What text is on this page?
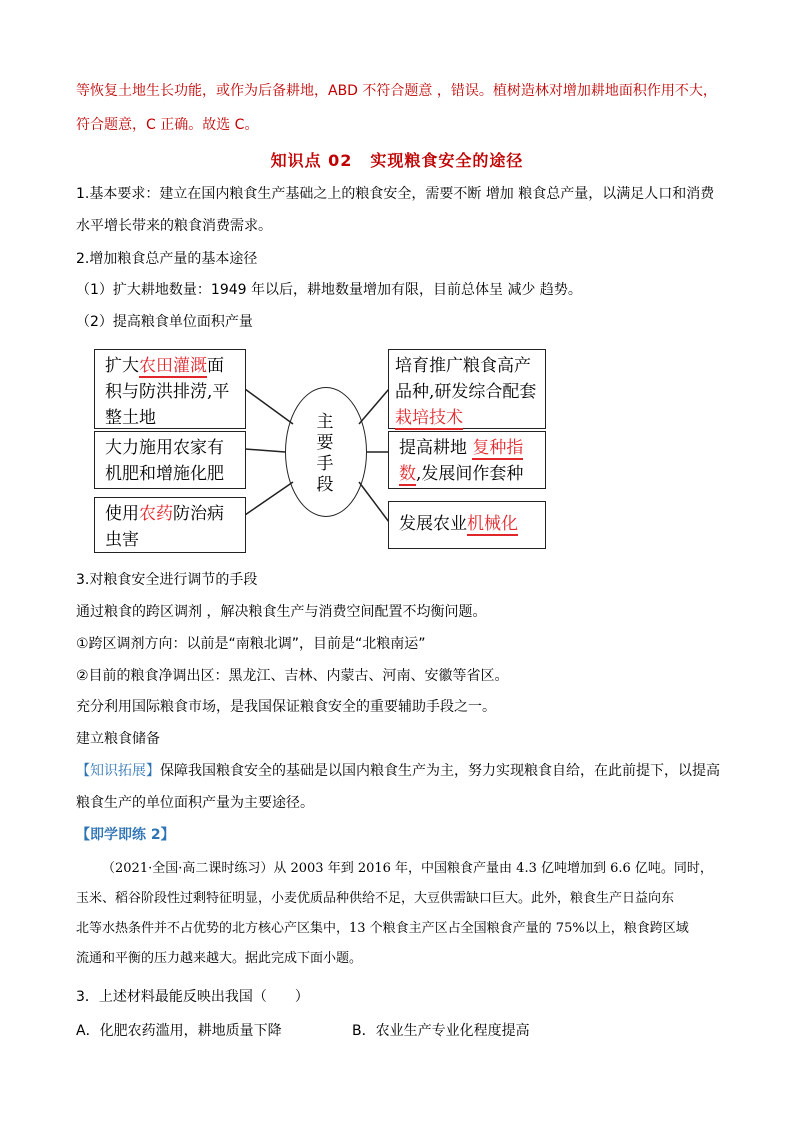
等恢复土地生长功能，或作为后备耕地，ABD 不符合题意 ，错误。植树造林对增加耕地面积作用不大，
符合题意，C 正确。故选 C。
知识点 02 实现粮食安全的途径
1.基本要求：建立在国内粮食生产基础之上的粮食安全，需要不断 增加 粮食总产量，以满足人口和消费
水平增长带来的粮食消费需求。
2.增加粮食总产量的基本途径
（1）扩大耕地数量：1949 年以后，耕地数量增加有限，目前总体呈 减少 趋势。
（2）提高粮食单位面积产量
扩大农田灌溉面
积与防洪排涝,平
整土地
大力施用农家有
机肥和增施化肥
使用农药防治病
虫害
主要手段
培育推广粮食高产
品种,研发综合配套
栽培技术
提高耕地 复种指
数,发展间作套种
发展农业机械化
3.对粮食安全进行调节的手段
通过粮食的跨区调剂 ，解决粮食生产与消费空间配置不均衡问题。
①跨区调剂方向：以前是“南粮北调”，目前是“北粮南运”
②目前的粮食净调出区：黑龙江、吉林、内蒙古、河南、安徽等省区。
充分利用国际粮食市场，是我国保证粮食安全的重要辅助手段之一。
建立粮食储备
【知识拓展】保障我国粮食安全的基础是以国内粮食生产为主，努力实现粮食自给，在此前提下，以提高
粮食生产的单位面积产量为主要途径。
【即学即练 2】
（2021·全国·高二课时练习）从 2003 年到 2016 年，中国粮食产量由 4.3 亿吨增加到 6.6 亿吨。同时，
玉米、稻谷阶段性过剩特征明显，小麦优质品种供给不足，大豆供需缺口巨大。此外，粮食生产日益向东
北等水热条件并不占优势的北方核心产区集中，13 个粮食主产区占全国粮食产量的 75%以上，粮食跨区域
流通和平衡的压力越来越大。据此完成下面小题。
3．上述材料最能反映出我国（　　）
A．化肥农药滥用，耕地质量下降	B．农业生产专业化程度提高
